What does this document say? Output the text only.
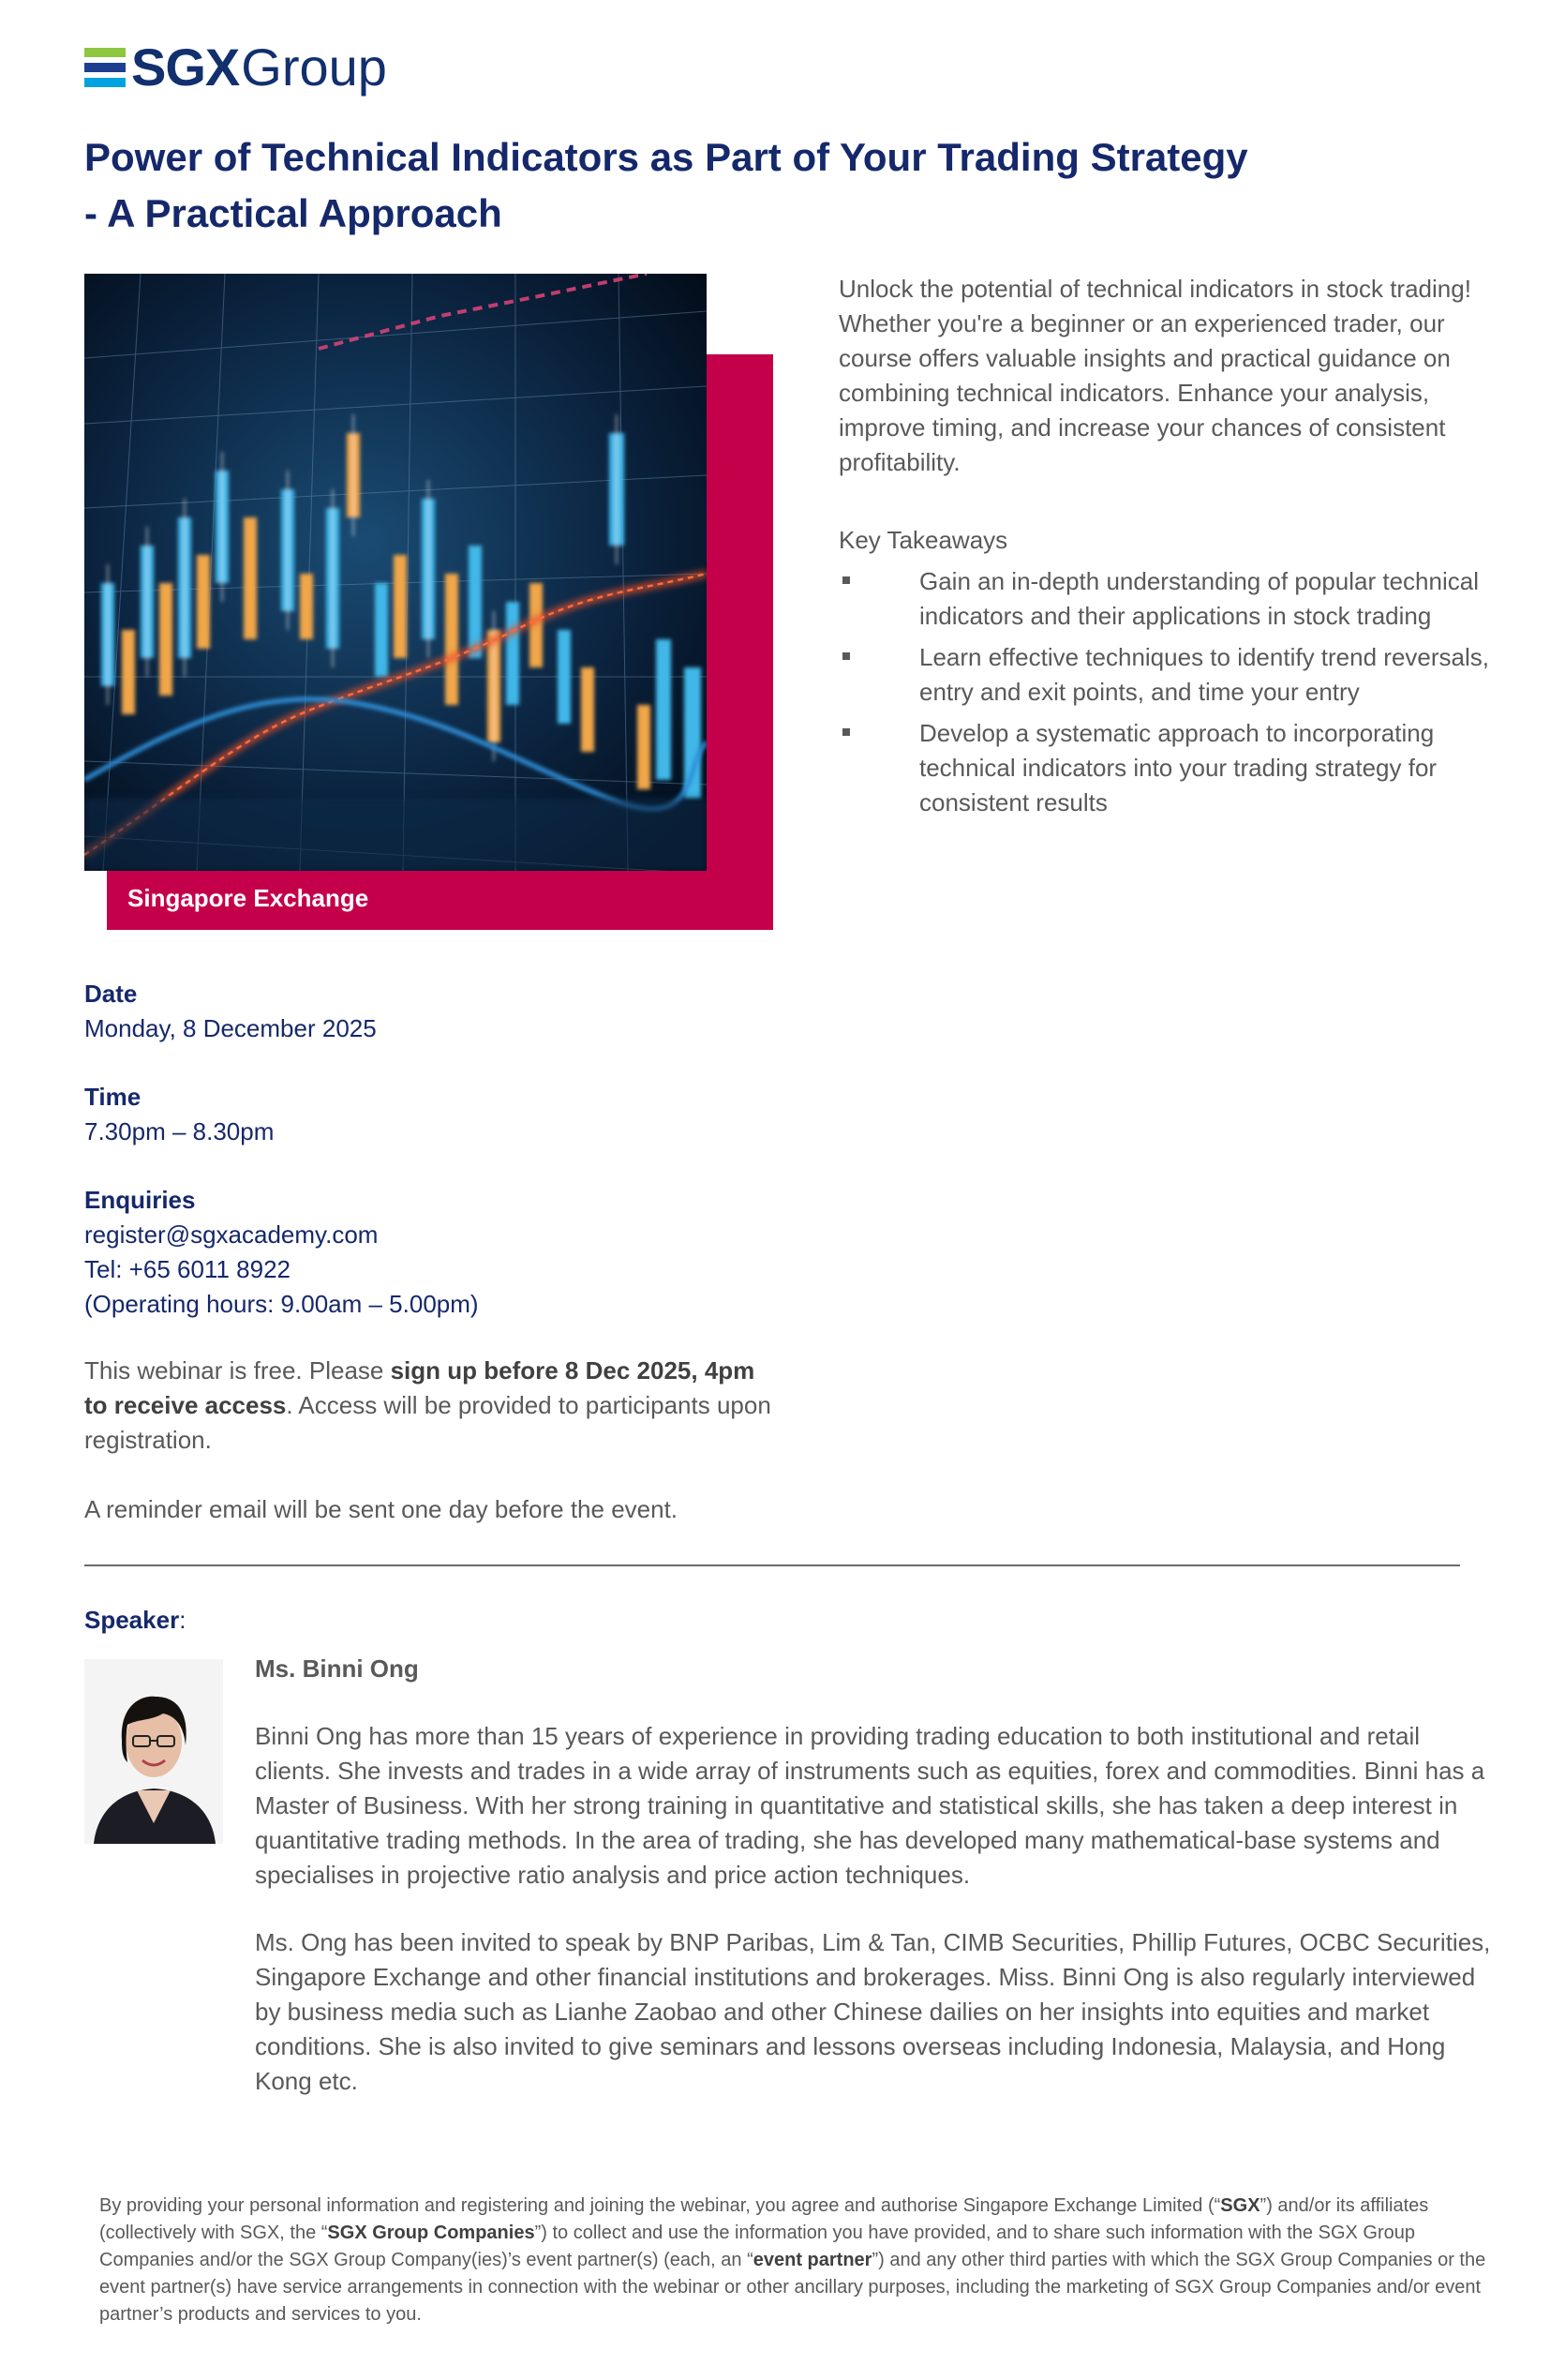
SGX Group
Power of Technical Indicators as Part of Your Trading Strategy
- A Practical Approach
Singapore Exchange
Unlock the potential of technical indicators in stock trading! Whether you're a beginner or an experienced trader, our course offers valuable insights and practical guidance on combining technical indicators. Enhance your analysis, improve timing, and increase your chances of consistent profitability.
Key Takeaways
Gain an in-depth understanding of popular technical indicators and their applications in stock trading
Learn effective techniques to identify trend reversals, entry and exit points, and time your entry
Develop a systematic approach to incorporating technical indicators into your trading strategy for consistent results
Date
Monday, 8 December 2025
Time
7.30pm – 8.30pm
Enquiries
register@sgxacademy.com
Tel: +65 6011 8922
(Operating hours: 9.00am – 5.00pm)
This webinar is free. Please sign up before 8 Dec 2025, 4pm to receive access. Access will be provided to participants upon registration.
A reminder email will be sent one day before the event.
Speaker:
Ms. Binni Ong
Binni Ong has more than 15 years of experience in providing trading education to both institutional and retail clients. She invests and trades in a wide array of instruments such as equities, forex and commodities. Binni has a Master of Business. With her strong training in quantitative and statistical skills, she has taken a deep interest in quantitative trading methods. In the area of trading, she has developed many mathematical-base systems and specialises in projective ratio analysis and price action techniques.
Ms. Ong has been invited to speak by BNP Paribas, Lim & Tan, CIMB Securities, Phillip Futures, OCBC Securities, Singapore Exchange and other financial institutions and brokerages. Miss. Binni Ong is also regularly interviewed by business media such as Lianhe Zaobao and other Chinese dailies on her insights into equities and market conditions. She is also invited to give seminars and lessons overseas including Indonesia, Malaysia, and Hong Kong etc.
By providing your personal information and registering and joining the webinar, you agree and authorise Singapore Exchange Limited (“SGX”) and/or its affiliates (collectively with SGX, the “SGX Group Companies”) to collect and use the information you have provided, and to share such information with the SGX Group Companies and/or the SGX Group Company(ies)’s event partner(s) (each, an “event partner”) and any other third parties with which the SGX Group Companies or the event partner(s) have service arrangements in connection with the webinar or other ancillary purposes, including the marketing of SGX Group Companies and/or event partner’s products and services to you.
